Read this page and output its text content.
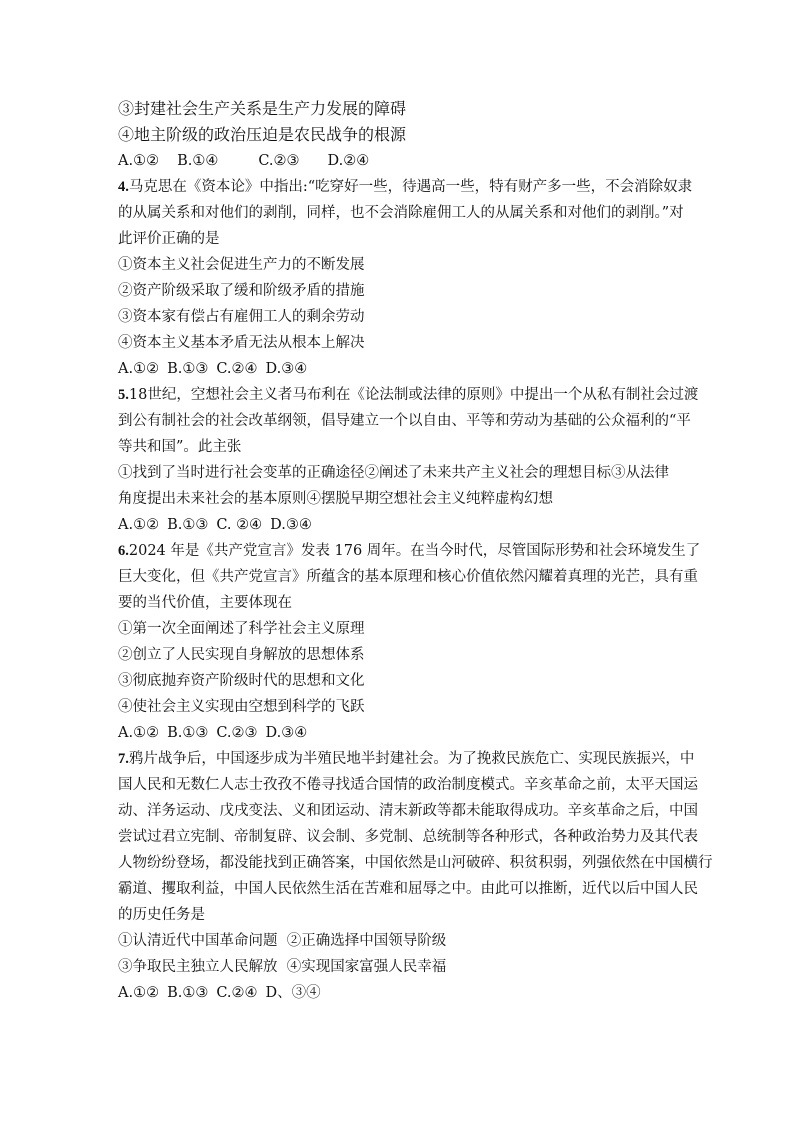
③封建社会生产关系是生产力发展的障碍
④地主阶级的政治压迫是农民战争的根源
A.①② B.①④	C.②③ D.②④
4.马克思在《资本论》中指出:“吃穿好一些，待遇高一些，特有财产多一些，不会消除奴隶
的从属关系和对他们的剥削，同样，也不会消除雇佣工人的从属关系和对他们的剥削。”对
此评价正确的是
①资本主义社会促进生产力的不断发展
②资产阶级采取了缓和阶级矛盾的措施
③资本家有偿占有雇佣工人的剩余劳动
④资本主义基本矛盾无法从根本上解决
A.①② B.①③ C.②④ D.③④
5.18世纪，空想社会主义者马布利在《论法制或法律的原则》中提出一个从私有制社会过渡
到公有制社会的社会改革纲领，倡导建立一个以自由、平等和劳动为基础的公众福利的“平
等共和国”。此主张
①找到了当时进行社会变革的正确途径②阐述了未来共产主义社会的理想目标③从法律
角度提出未来社会的基本原则④摆脱早期空想社会主义纯粹虚构幻想
A.①② B.①③ C. ②④ D.③④
6.2024 年是《共产党宣言》发表 176 周年。在当今时代，尽管国际形势和社会环境发生了
巨大变化，但《共产党宣言》所蕴含的基本原理和核心价值依然闪耀着真理的光芒，具有重
要的当代价值，主要体现在
①第一次全面阐述了科学社会主义原理
②创立了人民实现自身解放的思想体系
③彻底抛弃资产阶级时代的思想和文化
④使社会主义实现由空想到科学的飞跃
A.①② B.①③ C.②③ D.③④
7.鸦片战争后，中国逐步成为半殖民地半封建社会。为了挽救民族危亡、实现民族振兴，中
国人民和无数仁人志士孜孜不倦寻找适合国情的政治制度模式。辛亥革命之前，太平天国运
动、洋务运动、戊戌变法、义和团运动、清末新政等都未能取得成功。辛亥革命之后，中国
尝试过君立宪制、帝制复辟、议会制、多党制、总统制等各种形式，各种政治势力及其代表
人物纷纷登场，都没能找到正确答案，中国依然是山河破碎、积贫积弱，列强依然在中国横行
霸道、攫取利益，中国人民依然生活在苦难和屈辱之中。由此可以推断，近代以后中国人民
的历史任务是
①认清近代中国革命问题  ②正确选择中国领导阶级
③争取民主独立人民解放  ④实现国家富强人民幸福
A.①② B.①③ C.②④ D、③④
